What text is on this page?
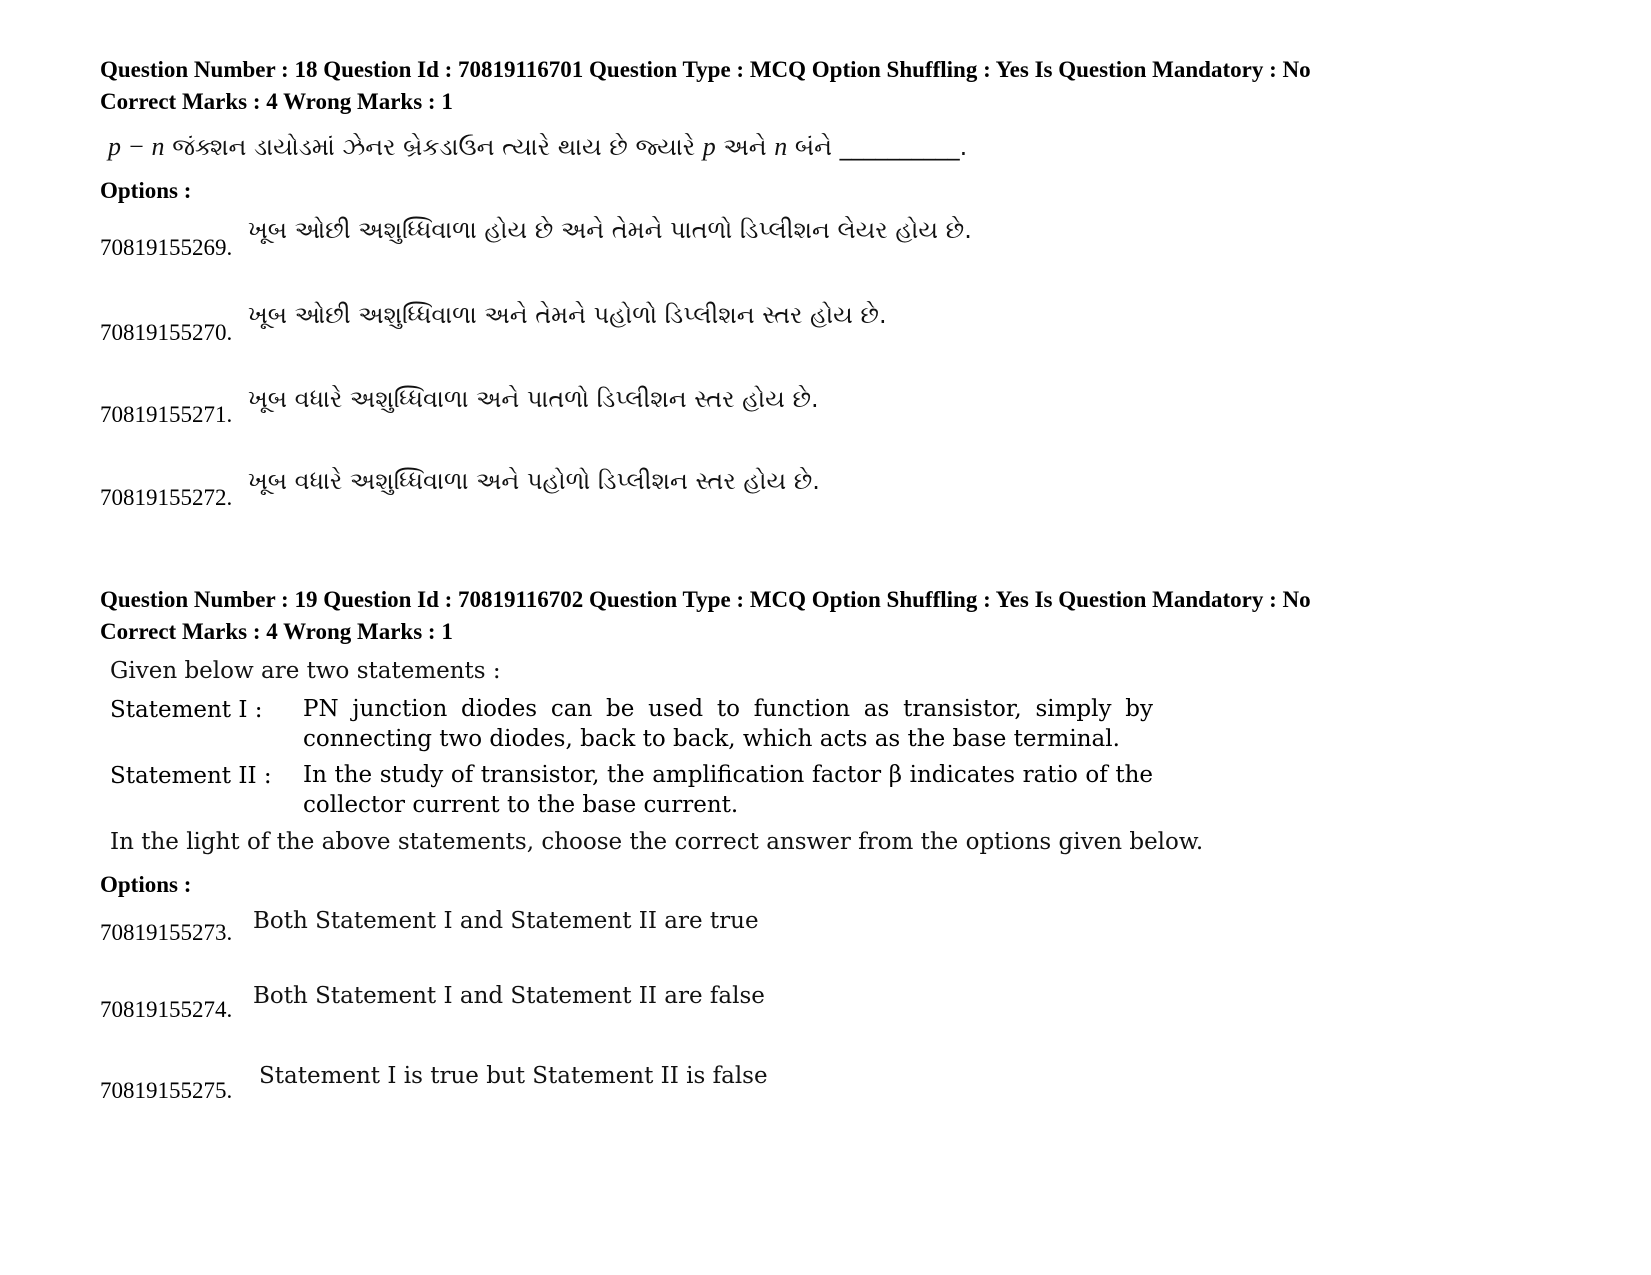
Question Number : 18 Question Id : 70819116701 Question Type : MCQ Option Shuffling : Yes Is Question Mandatory : No
Correct Marks : 4 Wrong Marks : 1
p − n જંક્શન ડાયોડમાં ઝેનર બ્રેકડાઉન ત્યારે થાય છે જ્યારે p અને n બંને __________.
Options :
70819155269.
ખૂબ ઓછી અશુધ્ધિવાળા હોય છે અને તેમને પાતળો ડિપ્લીશન લેયર હોય છે.
70819155270.
ખૂબ ઓછી અશુધ્ધિવાળા અને તેમને પહોળો ડિપ્લીશન સ્તર હોય છે.
70819155271.
ખૂબ વધારે અશુધ્ધિવાળા અને પાતળો ડિપ્લીશન સ્તર હોય છે.
70819155272.
ખૂબ વધારે અશુધ્ધિવાળા અને પહોળો ડિપ્લીશન સ્તર હોય છે.
Question Number : 19 Question Id : 70819116702 Question Type : MCQ Option Shuffling : Yes Is Question Mandatory : No
Correct Marks : 4 Wrong Marks : 1
Given below are two statements :
Statement I : PN junction diodes can be used to function as transistor, simply by connecting two diodes, back to back, which acts as the base terminal.
Statement II : In the study of transistor, the amplification factor β indicates ratio of the collector current to the base current.
In the light of the above statements, choose the correct answer from the options given below.
Options :
70819155273. Both Statement I and Statement II are true
70819155274.
Both Statement I and Statement II are false
70819155275.
Statement I is true but Statement II is false
